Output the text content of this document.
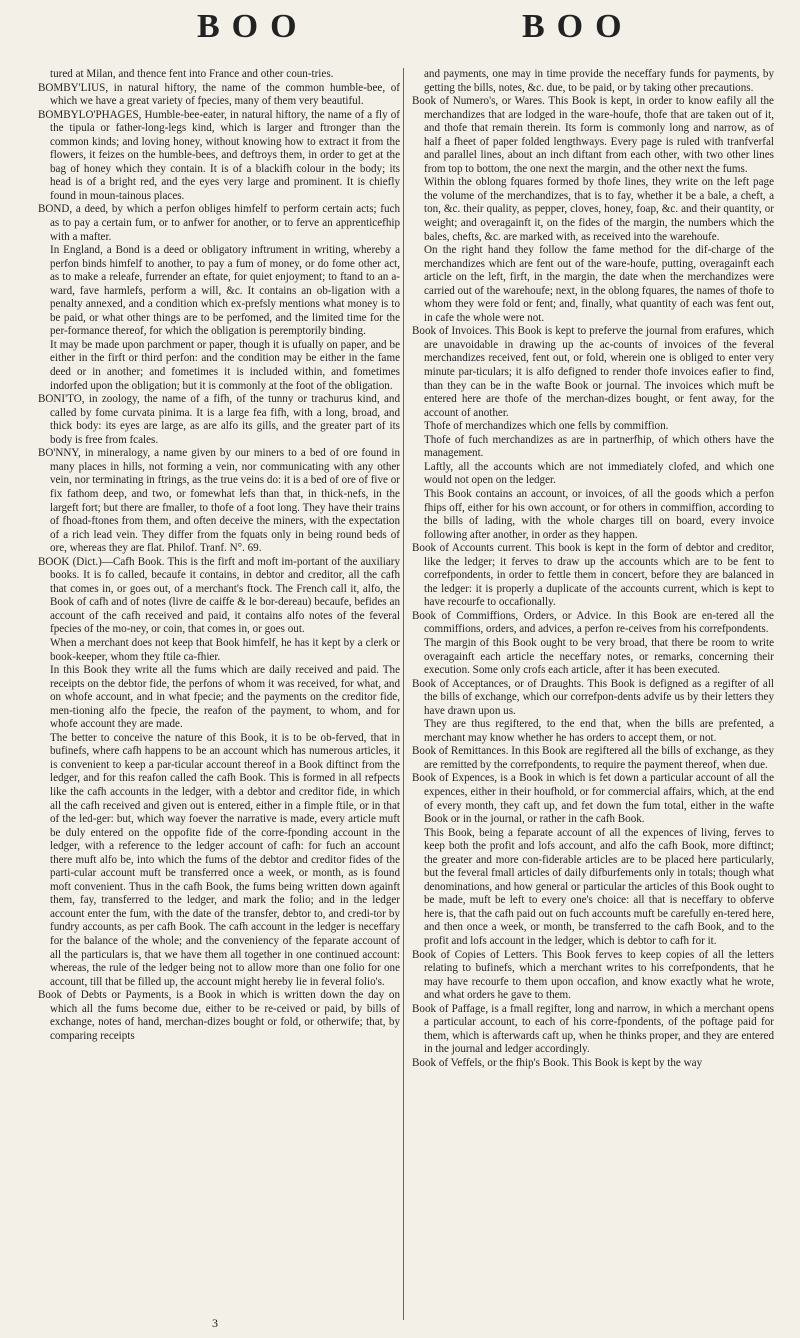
BOO	BOO

tured at Milan, and thence fent into France and other coun-tries.

BOMBY'LIUS, in natural hiftory, the name of the common humble-bee, of which we have a great variety of fpecies, many of them very beautiful.

BOMBYLO'PHAGES, Humble-bee-eater, in natural hiftory, the name of a fly of the tipula or father-long-legs kind, which is larger and ftronger than the common kinds; and loving honey, without knowing how to extract it from the flowers, it feizes on the humble-bees, and deftroys them, in order to get at the bag of honey which they contain. It is of a blackifh colour in the body; its head is of a bright red, and the eyes very large and prominent. It is chiefly found in moun-tainous places.

BOND, a deed, by which a perfon obliges himfelf to perform certain acts; fuch as to pay a certain fum, or to anfwer for another, or to ferve an apprenticefhip with a mafter.

In England, a Bond is a deed or obligatory inftrument in writing, whereby a perfon binds himfelf to another, to pay a fum of money, or do fome other act, as to make a releafe, furrender an eftate, for quiet enjoyment; to ftand to an a-ward, fave harmlefs, perform a will, &c. It contains an ob-ligation with a penalty annexed, and a condition which ex-prefsly mentions what money is to be paid, or what other things are to be perfomed, and the limited time for the per-formance thereof, for which the obligation is peremptorily binding.

It may be made upon parchment or paper, though it is ufually on paper, and be either in the firft or third perfon: and the condition may be either in the fame deed or in another; and fometimes it is included within, and fometimes indorfed upon the obligation; but it is commonly at the foot of the obligation.

BONI'TO, in zoology, the name of a fifh, of the tunny or trachurus kind, and called by fome curvata pinima. It is a large fea fifh, with a long, broad, and thick body: its eyes are large, as are alfo its gills, and the greater part of its body is free from fcales.

BO'NNY, in mineralogy, a name given by our miners to a bed of ore found in many places in hills, not forming a vein, nor communicating with any other vein, nor terminating in ftrings, as the true veins do: it is a bed of ore of five or fix fathom deep, and two, or fomewhat lefs than that, in thick-nefs, in the largeft fort; but there are fmaller, to thofe of a foot long. They have their trains of fhoad-ftones from them, and often deceive the miners, with the expectation of a rich lead vein. They differ from the fquats only in being round beds of ore, whereas they are flat. Philof. Tranf. N°. 69.

BOOK (Dict.)—Cafh Book. This is the firft and moft im-portant of the auxiliary books. It is fo called, becaufe it contains, in debtor and creditor, all the cafh that comes in, or goes out, of a merchant's ftock. The French call it, alfo, the Book of cafh and of notes (livre de caiffe & le bor-dereau) becaufe, befides an account of the cafh received and paid, it contains alfo notes of the feveral fpecies of the mo-ney, or coin, that comes in, or goes out.

When a merchant does not keep that Book himfelf, he has it kept by a clerk or book-keeper, whom they ftile ca-fhier.

In this Book they write all the fums which are daily received and paid. The receipts on the debtor fide, the perfons of whom it was received, for what, and on whofe account, and in what fpecie; and the payments on the creditor fide, men-tioning alfo the fpecie, the reafon of the payment, to whom, and for whofe account they are made.

The better to conceive the nature of this Book, it is to be ob-ferved, that in bufinefs, where cafh happens to be an account which has numerous articles, it is convenient to keep a par-ticular account thereof in a Book diftinct from the ledger, and for this reafon called the cafh Book. This is formed in all refpects like the cafh accounts in the ledger, with a debtor and creditor fide, in which all the cafh received and given out is entered, either in a fimple ftile, or in that of the led-ger: but, which way foever the narrative is made, every article muft be duly entered on the oppofite fide of the corre-fponding account in the ledger, with a reference to the ledger account of cafh: for fuch an account there muft alfo be, into which the fums of the debtor and creditor fides of the parti-cular account muft be transferred once a week, or month, as is found moft convenient. Thus in the cafh Book, the fums being written down againft them, fay, transferred to the ledger, and mark the folio; and in the ledger account enter the fum, with the date of the transfer, debtor to, and credi-tor by fundry accounts, as per cafh Book. The cafh account in the ledger is neceffary for the balance of the whole; and the conveniency of the feparate account of all the particulars is, that we have them all together in one continued account: whereas, the rule of the ledger being not to allow more than one folio for one account, till that be filled up, the account might hereby lie in feveral folio's.

Book of Debts or Payments, is a Book in which is written down the day on which all the fums become due, either to be re-ceived or paid, by bills of exchange, notes of hand, merchan-dizes bought or fold, or otherwife; that, by comparing receipts

and payments, one may in time provide the neceffary funds for payments, by getting the bills, notes, &c. due, to be paid, or by taking other precautions.

Book of Numero's, or Wares. This Book is kept, in order to know eafily all the merchandizes that are lodged in the ware-houfe, thofe that are taken out of it, and thofe that remain therein. Its form is commonly long and narrow, as of half a fheet of paper folded lengthways. Every page is ruled with tranfverfal and parallel lines, about an inch diftant from each other, with two other lines from top to bottom, the one next the margin, and the other next the fums.

Within the oblong fquares formed by thofe lines, they write on the left page the volume of the merchandizes, that is to fay, whether it be a bale, a cheft, a ton, &c. their quality, as pepper, cloves, honey, foap, &c. and their quantity, or weight; and overagainft it, on the fides of the margin, the numbers which the bales, chefts, &c. are marked with, as received into the warehoufe.

On the right hand they follow the fame method for the dif-charge of the merchandizes which are fent out of the ware-houfe, putting, overagainft each article on the left, firft, in the margin, the date when the merchandizes were carried out of the warehoufe; next, in the oblong fquares, the names of thofe to whom they were fold or fent; and, finally, what quantity of each was fent out, in cafe the whole were not.

Book of Invoices. This Book is kept to preferve the journal from erafures, which are unavoidable in drawing up the ac-counts of invoices of the feveral merchandizes received, fent out, or fold, wherein one is obliged to enter very minute par-ticulars; it is alfo defigned to render thofe invoices eafier to find, than they can be in the wafte Book or journal. The invoices which muft be entered here are thofe of the merchan-dizes bought, or fent away, for the account of another.

Thofe of merchandizes which one fells by commiffion.

Thofe of fuch merchandizes as are in partnerfhip, of which others have the management.

Laftly, all the accounts which are not immediately clofed, and which one would not open on the ledger.

This Book contains an account, or invoices, of all the goods which a perfon fhips off, either for his own account, or for others in commiffion, according to the bills of lading, with the whole charges till on board, every invoice following after another, in order as they happen.

Book of Accounts current. This book is kept in the form of debtor and creditor, like the ledger; it ferves to draw up the accounts which are to be fent to correfpondents, in order to fettle them in concert, before they are balanced in the ledger: it is properly a duplicate of the accounts current, which is kept to have recourfe to occafionally.

Book of Commiffions, Orders, or Advice. In this Book are en-tered all the commiffions, orders, and advices, a perfon re-ceives from his correfpondents.

The margin of this Book ought to be very broad, that there be room to write overagainft each article the neceffary notes, or remarks, concerning their execution. Some only crofs each article, after it has been executed.

Book of Acceptances, or of Draughts. This Book is defigned as a regifter of all the bills of exchange, which our correfpon-dents advife us by their letters they have drawn upon us.

They are thus regiftered, to the end that, when the bills are prefented, a merchant may know whether he has orders to accept them, or not.

Book of Remittances. In this Book are regiftered all the bills of exchange, as they are remitted by the correfpondents, to require the payment thereof, when due.

Book of Expences, is a Book in which is fet down a particular account of all the expences, either in their houfhold, or for commercial affairs, which, at the end of every month, they caft up, and fet down the fum total, either in the wafte Book or in the journal, or rather in the cafh Book.

This Book, being a feparate account of all the expences of living, ferves to keep both the profit and lofs account, and alfo the cafh Book, more diftinct; the greater and more con-fiderable articles are to be placed here particularly, but the feveral fmall articles of daily difburfements only in totals; though what denominations, and how general or particular the articles of this Book ought to be made, muft be left to every one's choice: all that is neceffary to obferve here is, that the cafh paid out on fuch accounts muft be carefully en-tered here, and then once a week, or month, be transferred to the cafh Book, and to the profit and lofs account in the ledger, which is debtor to cafh for it.

Book of Copies of Letters. This Book ferves to keep copies of all the letters relating to bufinefs, which a merchant writes to his correfpondents, that he may have recourfe to them upon occafion, and know exactly what he wrote, and what orders he gave to them.

Book of Paffage, is a fmall regifter, long and narrow, in which a merchant opens a particular account, to each of his corre-fpondents, of the poftage paid for them, which is afterwards caft up, when he thinks proper, and they are entered in the journal and ledger accordingly.

Book of Veffels, or the fhip's Book. This Book is kept by the way

3
